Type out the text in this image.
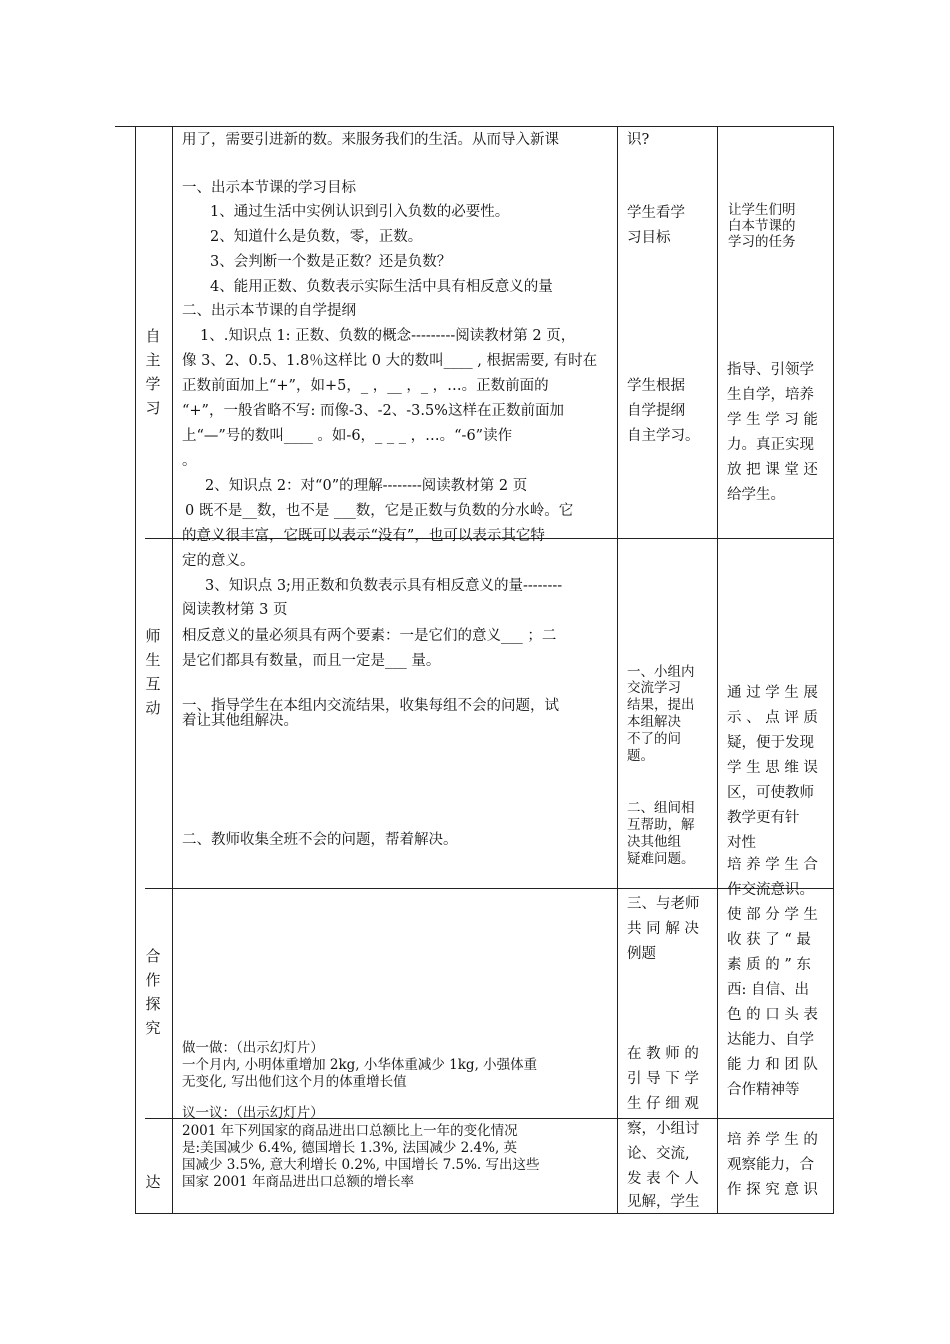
自
主
学
习
师
生
互
动
合
作
探
究
达
用了，需要引进新的数。来服务我们的生活。从而导入新课
一、出示本节课的学习目标
1、通过生活中实例认识到引入负数的必要性。
2、知道什么是负数，零，正数。
3、会判断一个数是正数？还是负数？
4、能用正数、负数表示实际生活中具有相反意义的量
二、出示本节课的自学提纲
1、.知识点 1: 正数、负数的概念---------阅读教材第 2 页，
像 3、2、0.5、1.8％这样比 0 大的数叫____ , 根据需要, 有时在
正数前面加上“+”，如+5，_ ，__ ，_ ，…。正数前面的
“+”，一般省略不写: 而像-3、-2、-3.5%这样在正数前面加
上“—”号的数叫____ 。如-6，_ _ _ ，…。“-6”读作
。
2、知识点 2：对“0”的理解--------阅读教材第 2 页
0 既不是__数，也不是 ___数，它是正数与负数的分水岭。它
的意义很丰富，它既可以表示“没有”，也可以表示其它特
定的意义。
3、知识点 3;用正数和负数表示具有相反意义的量--------
阅读教材第 3 页
相反意义的量必须具有两个要素：一是它们的意义___ ；二
是它们都具有数量，而且一定是___ 量。
一、指导学生在本组内交流结果，收集每组不会的问题，试
着让其他组解决。
二、教师收集全班不会的问题，帮着解决。
做一做：（出示幻灯片）
一个月内, 小明体重增加 2kg, 小华体重减少 1kg, 小强体重
无变化, 写出他们这个月的体重增长值
议一议：（出示幻灯片）
2001 年下列国家的商品进出口总额比上一年的变化情况
是:美国减少 6.4%, 德国增长 1.3%, 法国减少 2.4%, 英
国减少 3.5%, 意大利增长 0.2%, 中国增长 7.5%. 写出这些
国家 2001 年商品进出口总额的增长率
识?
学生看学
习目标
学生根据
自学提纲
自主学习。
一、小组内
交流学习
结果，提出
本组解决
不了的问
题。
二、组间相
互帮助，解
决其他组
疑难问题。
三、与老师
共 同 解 决
例题
在 教 师 的
引 导 下 学
生 仔 细 观
察，小组讨
论、交流,
发 表 个 人
见解，学生
让学生们明
白本节课的
学习的任务
指导、引领学
生自学，培养
学 生 学 习 能
力。真正实现
放 把 课 堂 还
给学生。
通 过 学 生 展
示 、 点 评 质
疑，便于发现
学 生 思 维 误
区，可使教师
教学更有针
对性
培 养 学 生 合
作交流意识。
使 部 分 学 生
收 获 了 “ 最
素 质 的 ” 东
西: 自信、出
色 的 口 头 表
达能力、自学
能 力 和 团 队
合作精神等
培 养 学 生 的
观察能力，合
作 探 究 意 识
